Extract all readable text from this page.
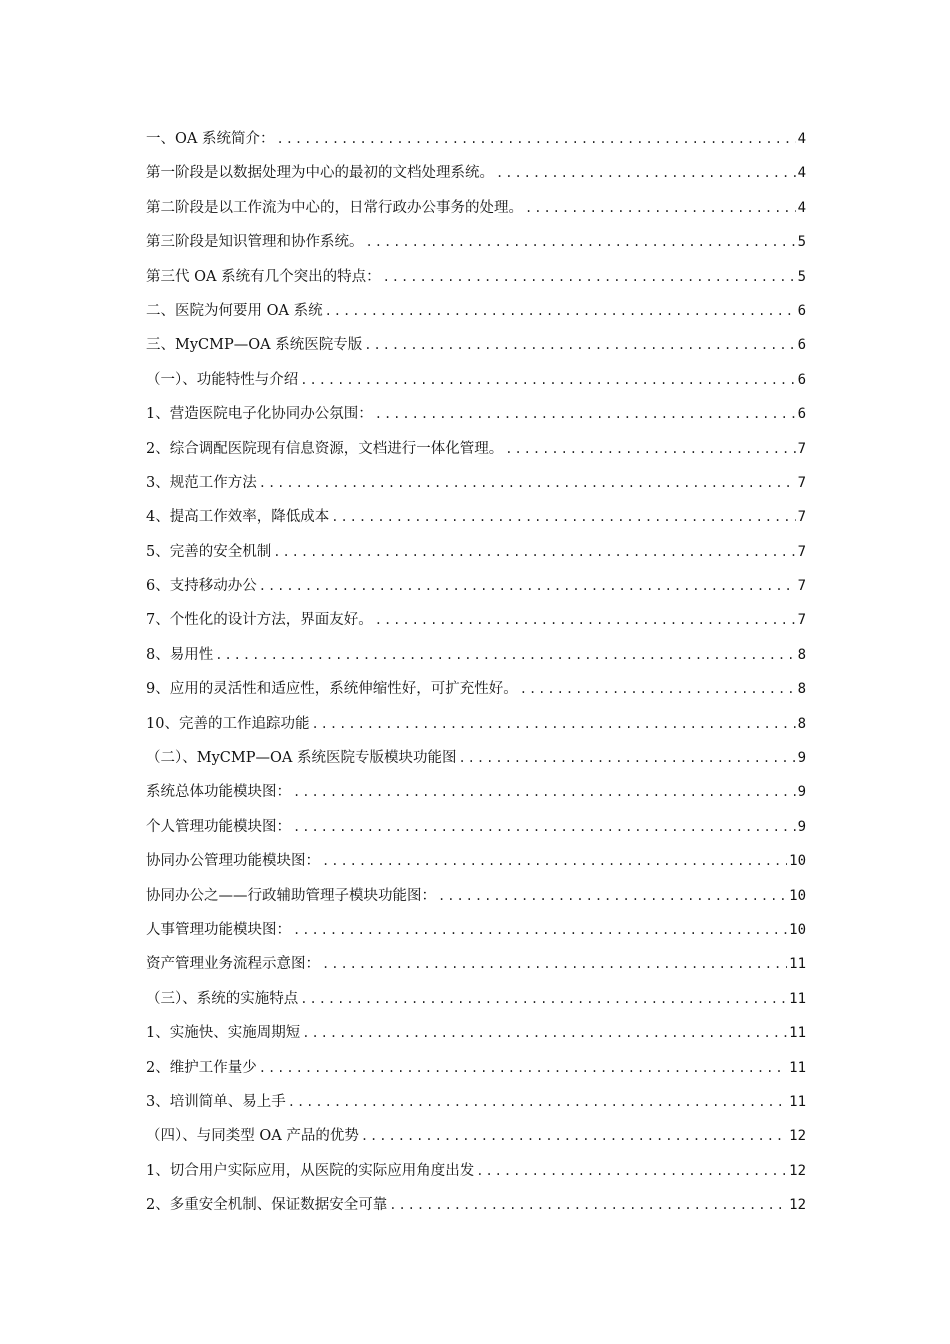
一、OA 系统简介： .....	4
第一阶段是以数据处理为中心的最初的文档处理系统。 .....	4
第二阶段是以工作流为中心的，日常行政办公事务的处理。 .....	4
第三阶段是知识管理和协作系统。 .....	5
第三代 OA 系统有几个突出的特点： .....	5
二、医院为何要用 OA 系统 .....	6
三、MyCMP—OA 系统医院专版 .....	6
（一）、功能特性与介绍 .....	6
1、营造医院电子化协同办公氛围： .....	6
2、综合调配医院现有信息资源，文档进行一体化管理。 .....	7
3、规范工作方法 .....	7
4、提高工作效率，降低成本 .....	7
5、完善的安全机制 .....	7
6、支持移动办公 .....	7
7、个性化的设计方法，界面友好。 .....	7
8、易用性 .....	8
9、应用的灵活性和适应性，系统伸缩性好，可扩充性好。 .....	8
10、完善的工作追踪功能 .....	8
（二）、MyCMP—OA 系统医院专版模块功能图 .....	9
系统总体功能模块图： .....	9
个人管理功能模块图： .....	9
协同办公管理功能模块图： .....	10
协同办公之——行政辅助管理子模块功能图： .....	10
人事管理功能模块图： .....	10
资产管理业务流程示意图： .....	11
（三）、系统的实施特点 .....	11
1、实施快、实施周期短 .....	11
2、维护工作量少 .....	11
3、培训简单、易上手 .....	11
（四）、与同类型 OA 产品的优势 .....	12
1、切合用户实际应用，从医院的实际应用角度出发 .....	12
2、多重安全机制、保证数据安全可靠 .....	12
